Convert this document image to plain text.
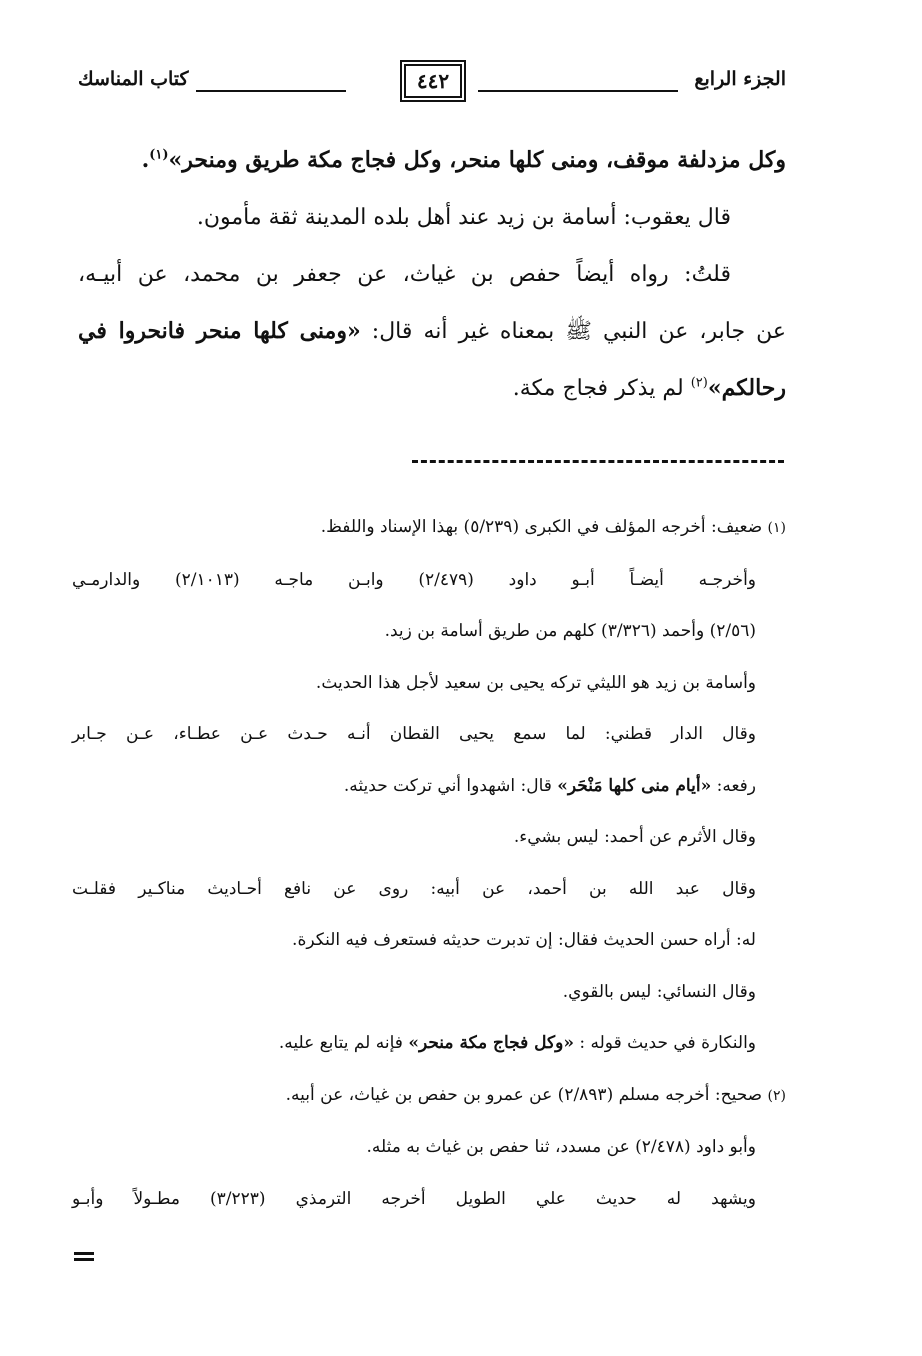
الجزء الرابع
٤٤٢
كتاب المناسك

وكل مزدلفة موقف، ومنى كلها منحر، وكل فجاج مكة طريق ومنحر»$^{(١)}$.

قال يعقوب: أسامة بن زيد عند أهل بلده المدينة ثقة مأمون.

قلتُ: رواه أيضاً حفص بن غياث، عن جعفر بن محمد، عن أبيـه،

عن جابر، عن النبي ﷺ بمعناه غير أنه قال: «ومنى كلها منحر فانحروا في

رحالكم»$^{(٢)}$ لم يذكر فجاج مكة.

(١) ضعيف: أخرجه المؤلف في الكبرى (٥/٢٣٩) بهذا الإسناد واللفظ.

وأخرجـه أيضـاً أبـو داود (٢/٤٧٩) وابـن ماجـه (٢/١٠١٣) والدارمـي

(٢/٥٦) وأحمد (٣/٣٢٦) كلهم من طريق أسامة بن زيد.

وأسامة بن زيد هو الليثي تركه يحيى بن سعيد لأجل هذا الحديث.

وقال الدار قطني: لما سمع يحيى القطان أنـه حـدث عـن عطـاء، عـن جـابر

رفعه: «أيام منى كلها مَنْحَر» قال: اشهدوا أني تركت حديثه.

وقال الأثرم عن أحمد: ليس بشيء.

وقال عبد الله بن أحمد، عن أبيه: روى عن نافع أحـاديث مناكـير فقلـت

له: أراه حسن الحديث فقال: إن تدبرت حديثه فستعرف فيه النكرة.

وقال النسائي: ليس بالقوي.

والنكارة في حديث قوله : «وكل فجاج مكة منحر» فإنه لم يتابع عليه.

(٢) صحيح: أخرجه مسلم (٢/٨٩٣) عن عمرو بن حفص بن غياث، عن أبيه.

وأبو داود (٢/٤٧٨) عن مسدد، ثنا حفص بن غياث به مثله.

ويشهد له حديث علي الطويل أخرجه الترمذي (٣/٢٢٣) مطـولاً وأبـو
